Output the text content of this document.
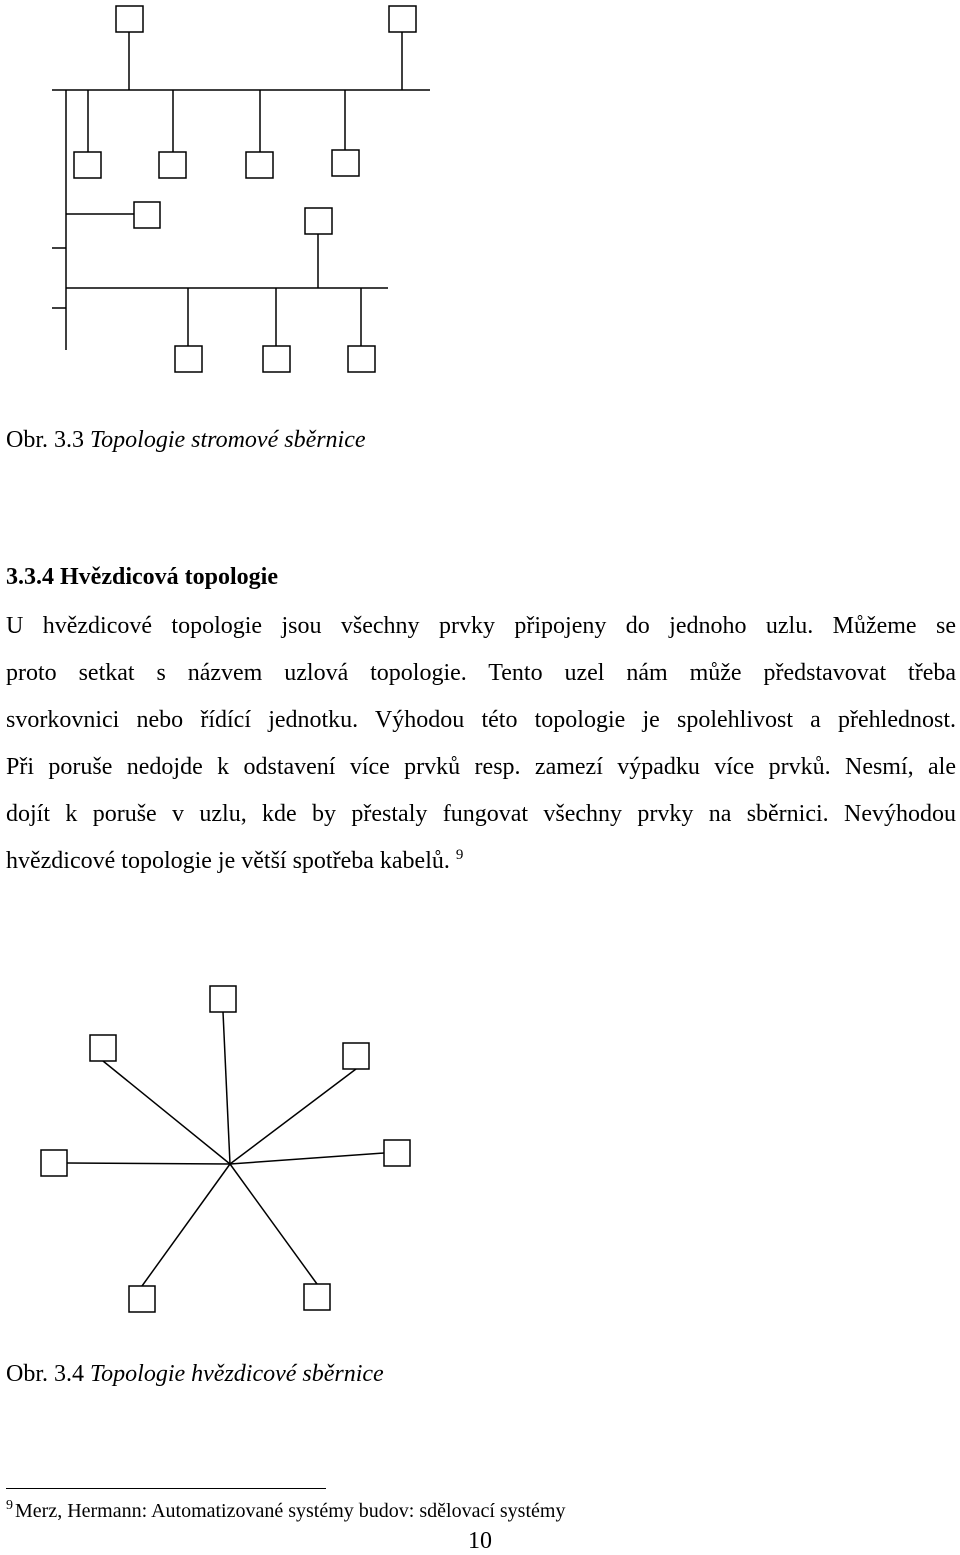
Obr. 3.3 Topologie stromové sběrnice
3.3.4 Hvězdicová topologie

U hvězdicové topologie jsou všechny prvky připojeny do jednoho uzlu. Můžeme se
proto setkat s názvem uzlová topologie. Tento uzel nám může představovat třeba
svorkovnici nebo řídící jednotku. Výhodou této topologie je spolehlivost a přehlednost.
Při poruše nedojde k odstavení více prvků resp. zamezí výpadku více prvků. Nesmí, ale
dojít k poruše v uzlu, kde by přestaly fungovat všechny prvky na sběrnici. Nevýhodou
hvězdicové topologie je větší spotřeba kabelů. $^9$

Obr. 3.4 Topologie hvězdicové sběrnice
$^9$ Merz, Hermann: Automatizované systémy budov: sdělovací systémy
10
